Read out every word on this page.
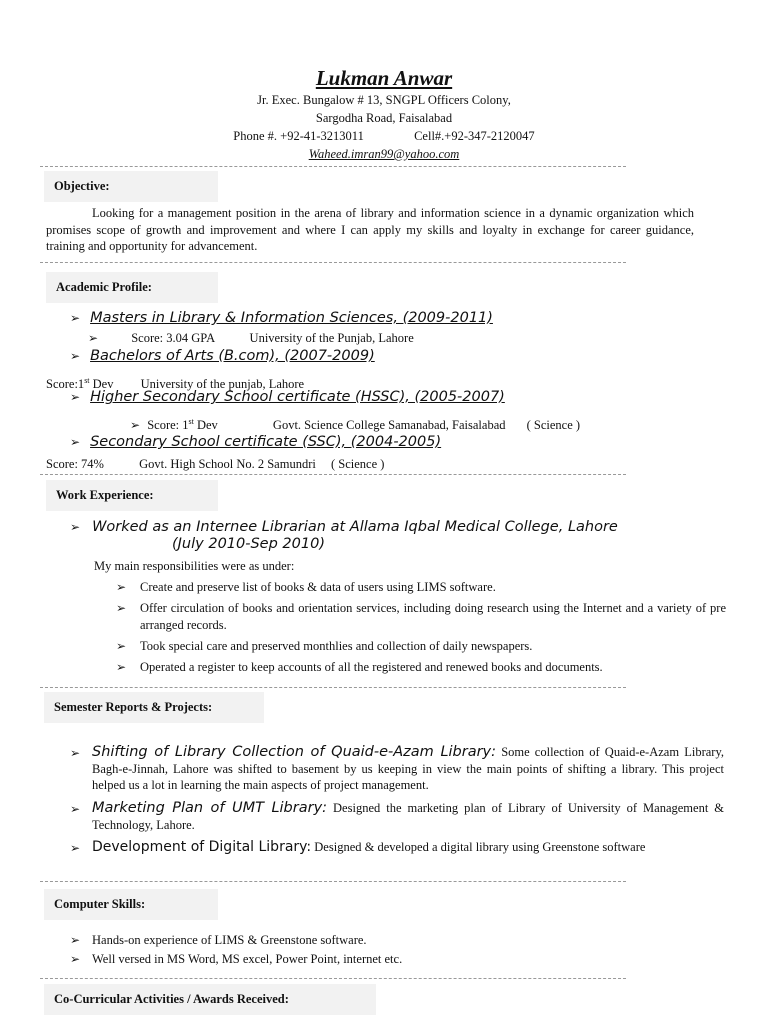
Lukman Anwar
Jr. Exec. Bungalow # 13, SNGPL Officers Colony,
Sargodha Road, Faisalabad
Phone #. +92-41-3213011	Cell#.+92-347-2120047
Waheed.imran99@yahoo.com
Objective:
Looking for a management position in the arena of library and information science in a dynamic organization which promises scope of growth and improvement and where I can apply my skills and loyalty in exchange for career guidance, training and opportunity for advancement.
Academic Profile:
➢ Masters in Library & Information Sciences, (2009-2011)
➢	Score: 3.04 GPA	University of the Punjab, Lahore
➢ Bachelors of Arts (B.com), (2007-2009)
Score:1st Dev University of the punjab, Lahore
➢ Higher Secondary School certificate (HSSC), (2005-2007)
➢ Score: 1st Dev	Govt. Science College Samanabad, Faisalabad ( Science )
➢ Secondary School certificate (SSC), (2004-2005)
Score: 74%	Govt. High School No. 2 Samundri ( Science )
Work Experience:
➢ Worked as an Internee Librarian at Allama Iqbal Medical College, Lahore
(July 2010-Sep 2010)
My main responsibilities were as under:
➢ Create and preserve list of books & data of users using LIMS software.
➢ Offer circulation of books and orientation services, including doing research using the Internet and a variety of pre arranged records.
➢ Took special care and preserved monthlies and collection of daily newspapers.
➢ Operated a register to keep accounts of all the registered and renewed books and documents.
Semester Reports & Projects:
➢ Shifting of Library Collection of Quaid-e-Azam Library: Some collection of Quaid-e-Azam Library, Bagh-e-Jinnah, Lahore was shifted to basement by us keeping in view the main points of shifting a library. This project helped us a lot in learning the main aspects of project management.
➢ Marketing Plan of UMT Library: Designed the marketing plan of Library of University of Management & Technology, Lahore.
➢ Development of Digital Library: Designed & developed a digital library using Greenstone software
Computer Skills:
➢ Hands-on experience of LIMS & Greenstone software.
➢ Well versed in MS Word, MS excel, Power Point, internet etc.
Co-Curricular Activities / Awards Received:
